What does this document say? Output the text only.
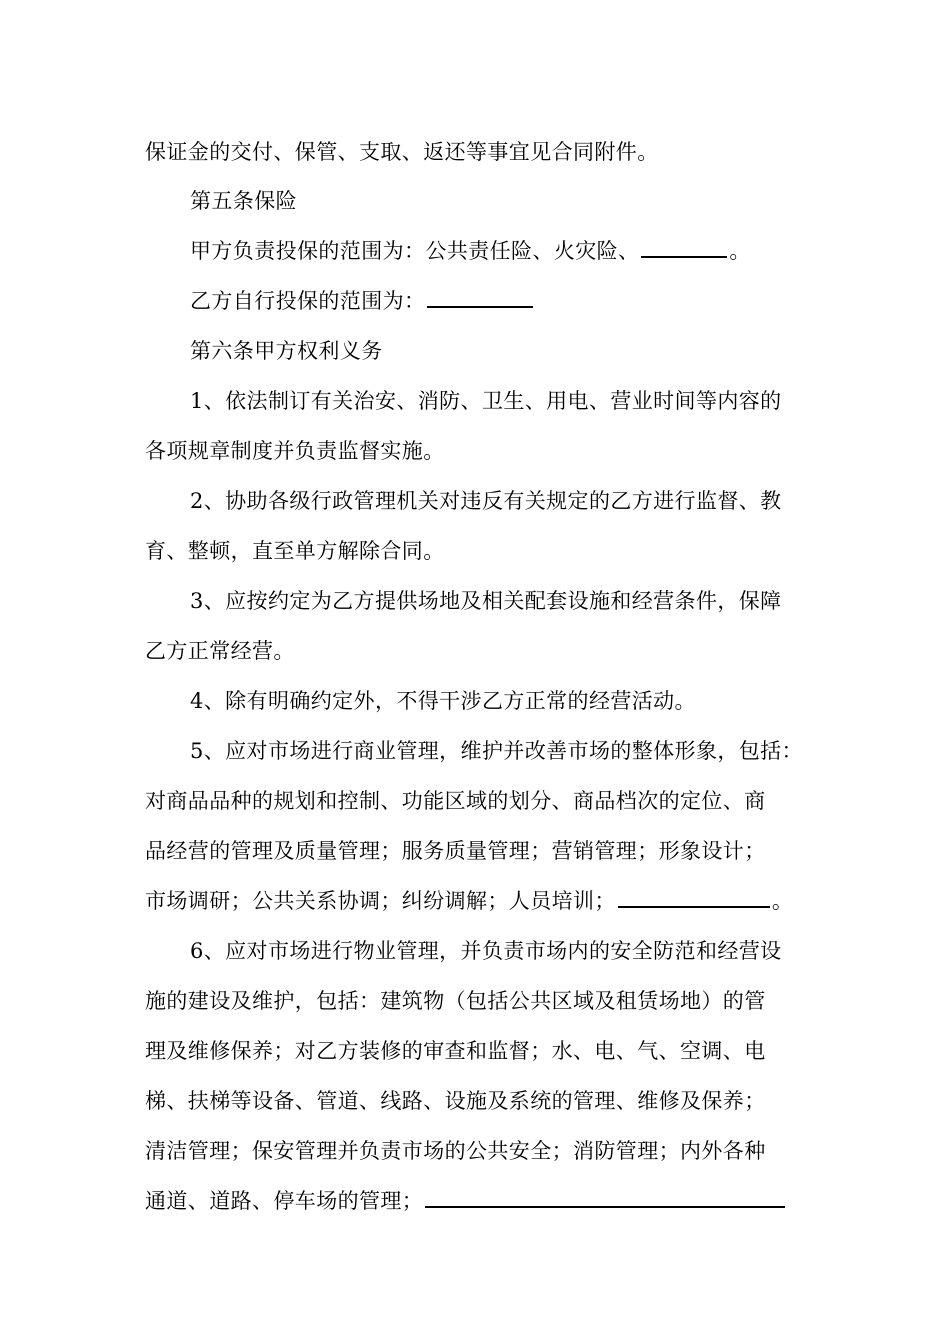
保证金的交付、保管、支取、返还等事宜见合同附件。
第五条保险
甲方负责投保的范围为：公共责任险、火灾险、	。
乙方自行投保的范围为：
第六条甲方权利义务
1、依法制订有关治安、消防、卫生、用电、营业时间等内容的
各项规章制度并负责监督实施。
2、协助各级行政管理机关对违反有关规定的乙方进行监督、教
育、整顿，直至单方解除合同。
3、应按约定为乙方提供场地及相关配套设施和经营条件，保障
乙方正常经营。
4、除有明确约定外，不得干涉乙方正常的经营活动。
5、应对市场进行商业管理，维护并改善市场的整体形象，包括：
对商品品种的规划和控制、功能区域的划分、商品档次的定位、商
品经营的管理及质量管理；服务质量管理；营销管理；形象设计；
市场调研；公共关系协调；纠纷调解；人员培训；	。
6、应对市场进行物业管理，并负责市场内的安全防范和经营设
施的建设及维护，包括：建筑物（包括公共区域及租赁场地）的管
理及维修保养；对乙方装修的审查和监督；水、电、气、空调、电
梯、扶梯等设备、管道、线路、设施及系统的管理、维修及保养；
清洁管理；保安管理并负责市场的公共安全；消防管理；内外各种
通道、道路、停车场的管理；
